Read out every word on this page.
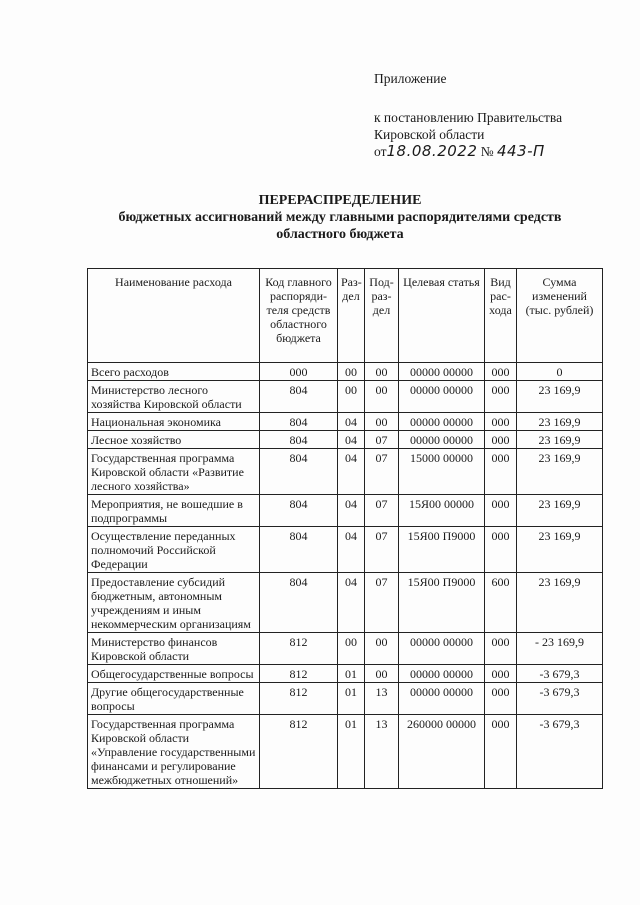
Приложение
к постановлению Правительства
Кировской области
от18.08.2022 № 443-П
ПЕРЕРАСПРЕДЕЛЕНИЕ
бюджетных ассигнований между главными распорядителями средств
областного бюджета
Наименование расхода	Код главного распоряди-теля средств областного бюджета	Раз-дел	Под-раз-дел	Целевая статья	Вид рас-хода	Сумма изменений (тыс. рублей)
Всего расходов	000	00	00	00000 00000	000	0
Министерство лесного хозяйства Кировской области	804	00	00	00000 00000	000	23 169,9
Национальная экономика	804	04	00	00000 00000	000	23 169,9
Лесное хозяйство	804	04	07	00000 00000	000	23 169,9
Государственная программа Кировской области «Развитие лесного хозяйства»	804	04	07	15000 00000	000	23 169,9
Мероприятия, не вошедшие в подпрограммы	804	04	07	15Я00 00000	000	23 169,9
Осуществление переданных полномочий Российской Федерации	804	04	07	15Я00 П9000	000	23 169,9
Предоставление субсидий бюджетным, автономным учреждениям и иным некоммерческим организациям	804	04	07	15Я00 П9000	600	23 169,9
Министерство финансов Кировской области	812	00	00	00000 00000	000	- 23 169,9
Общегосударственные вопросы	812	01	00	00000 00000	000	-3 679,3
Другие общегосударственные вопросы	812	01	13	00000 00000	000	-3 679,3
Государственная программа Кировской области «Управление государственными финансами и регулирование межбюджетных отношений»	812	01	13	260000 00000	000	-3 679,3
